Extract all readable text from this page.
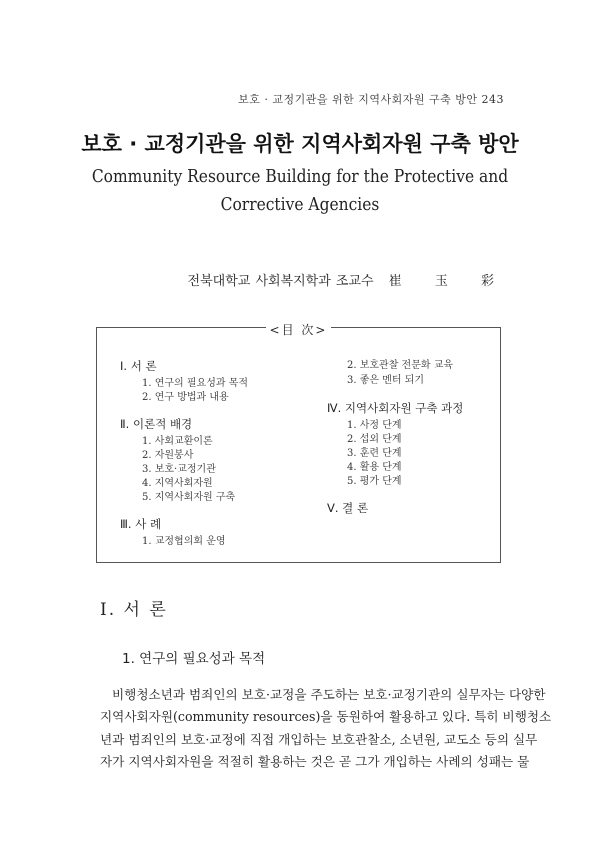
보호 · 교정기관을 위한 지역사회자원 구축 방안 243
보호 · 교정기관을 위한 지역사회자원 구축 방안
Community Resource Building for the Protective and
Corrective Agencies
전북대학교 사회복지학과 조교수 崔 玉 彩
<目 次>
Ⅰ. 서 론
1. 연구의 필요성과 목적
2. 연구 방법과 내용
Ⅱ. 이론적 배경
1. 사회교환이론
2. 자원봉사
3. 보호·교정기관
4. 지역사회자원
5. 지역사회자원 구축
Ⅲ. 사 례
1. 교정협의회 운영
2. 보호관찰 전문화 교육
3. 좋은 멘터 되기
Ⅳ. 지역사회자원 구축 과정
1. 사정 단계
2. 섭외 단계
3. 훈련 단계
4. 활용 단계
5. 평가 단계
Ⅴ. 결 론
Ⅰ. 서 론
1. 연구의 필요성과 목적
비행청소년과 범죄인의 보호·교정을 주도하는 보호·교정기관의 실무자는 다양한
지역사회자원(community resources)을 동원하여 활용하고 있다. 특히 비행청소
년과 범죄인의 보호·교정에 직접 개입하는 보호관찰소, 소년원, 교도소 등의 실무
자가 지역사회자원을 적절히 활용하는 것은 곧 그가 개입하는 사례의 성패는 물
